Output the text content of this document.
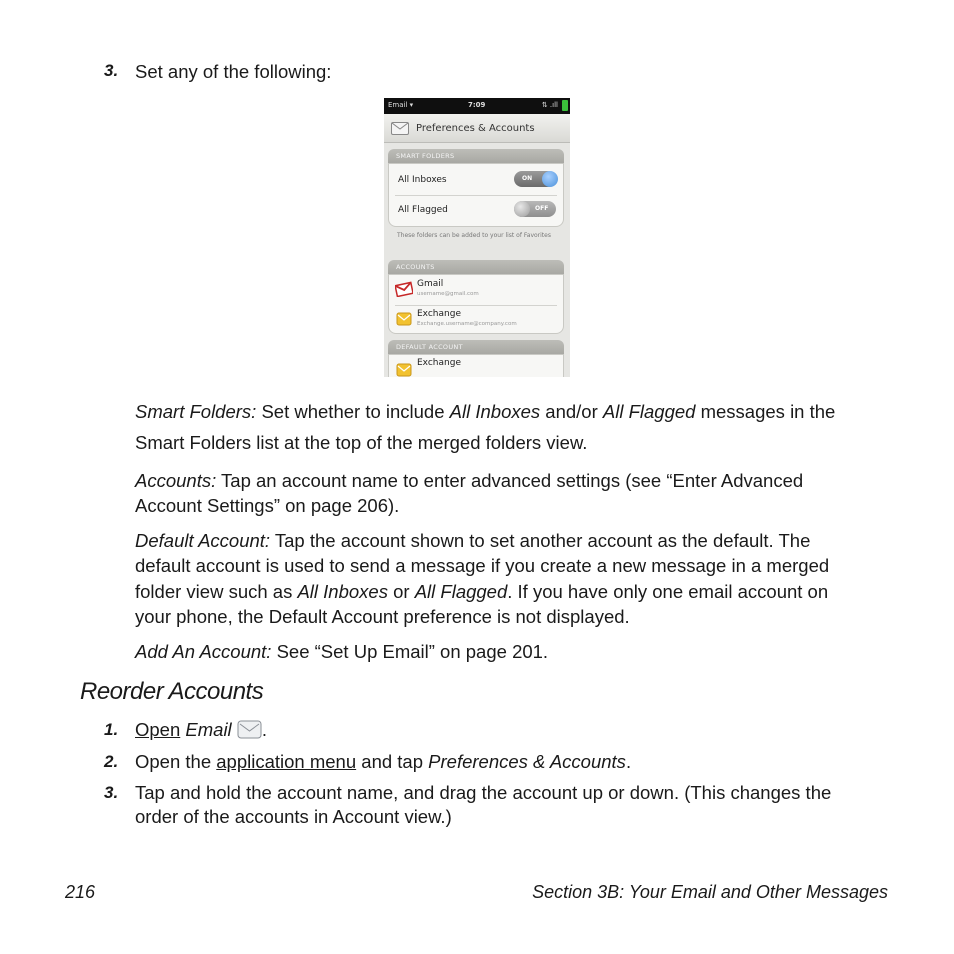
3. Set any of the following:
Email ▾	7:09	⇅ .ıll
Preferences & Accounts
SMART FOLDERS
All Inboxes	ON
All Flagged	OFF
These folders can be added to your list of Favorites
ACCOUNTS
Gmail
username@gmail.com
Exchange
Exchange.username@company.com
DEFAULT ACCOUNT
Exchange
Smart Folders: Set whether to include All Inboxes and/or All Flagged messages in the
Smart Folders list at the top of the merged folders view.
Accounts: Tap an account name to enter advanced settings (see “Enter Advanced
Account Settings” on page 206).
Default Account: Tap the account shown to set another account as the default. The
default account is used to send a message if you create a new message in a merged
folder view such as All Inboxes or All Flagged. If you have only one email account on
your phone, the Default Account preference is not displayed.
Add An Account: See “Set Up Email” on page 201.
Reorder Accounts
1. Open Email .
2. Open the application menu and tap Preferences & Accounts.
3. Tap and hold the account name, and drag the account up or down. (This changes the
order of the accounts in Account view.)
216	Section 3B: Your Email and Other Messages
